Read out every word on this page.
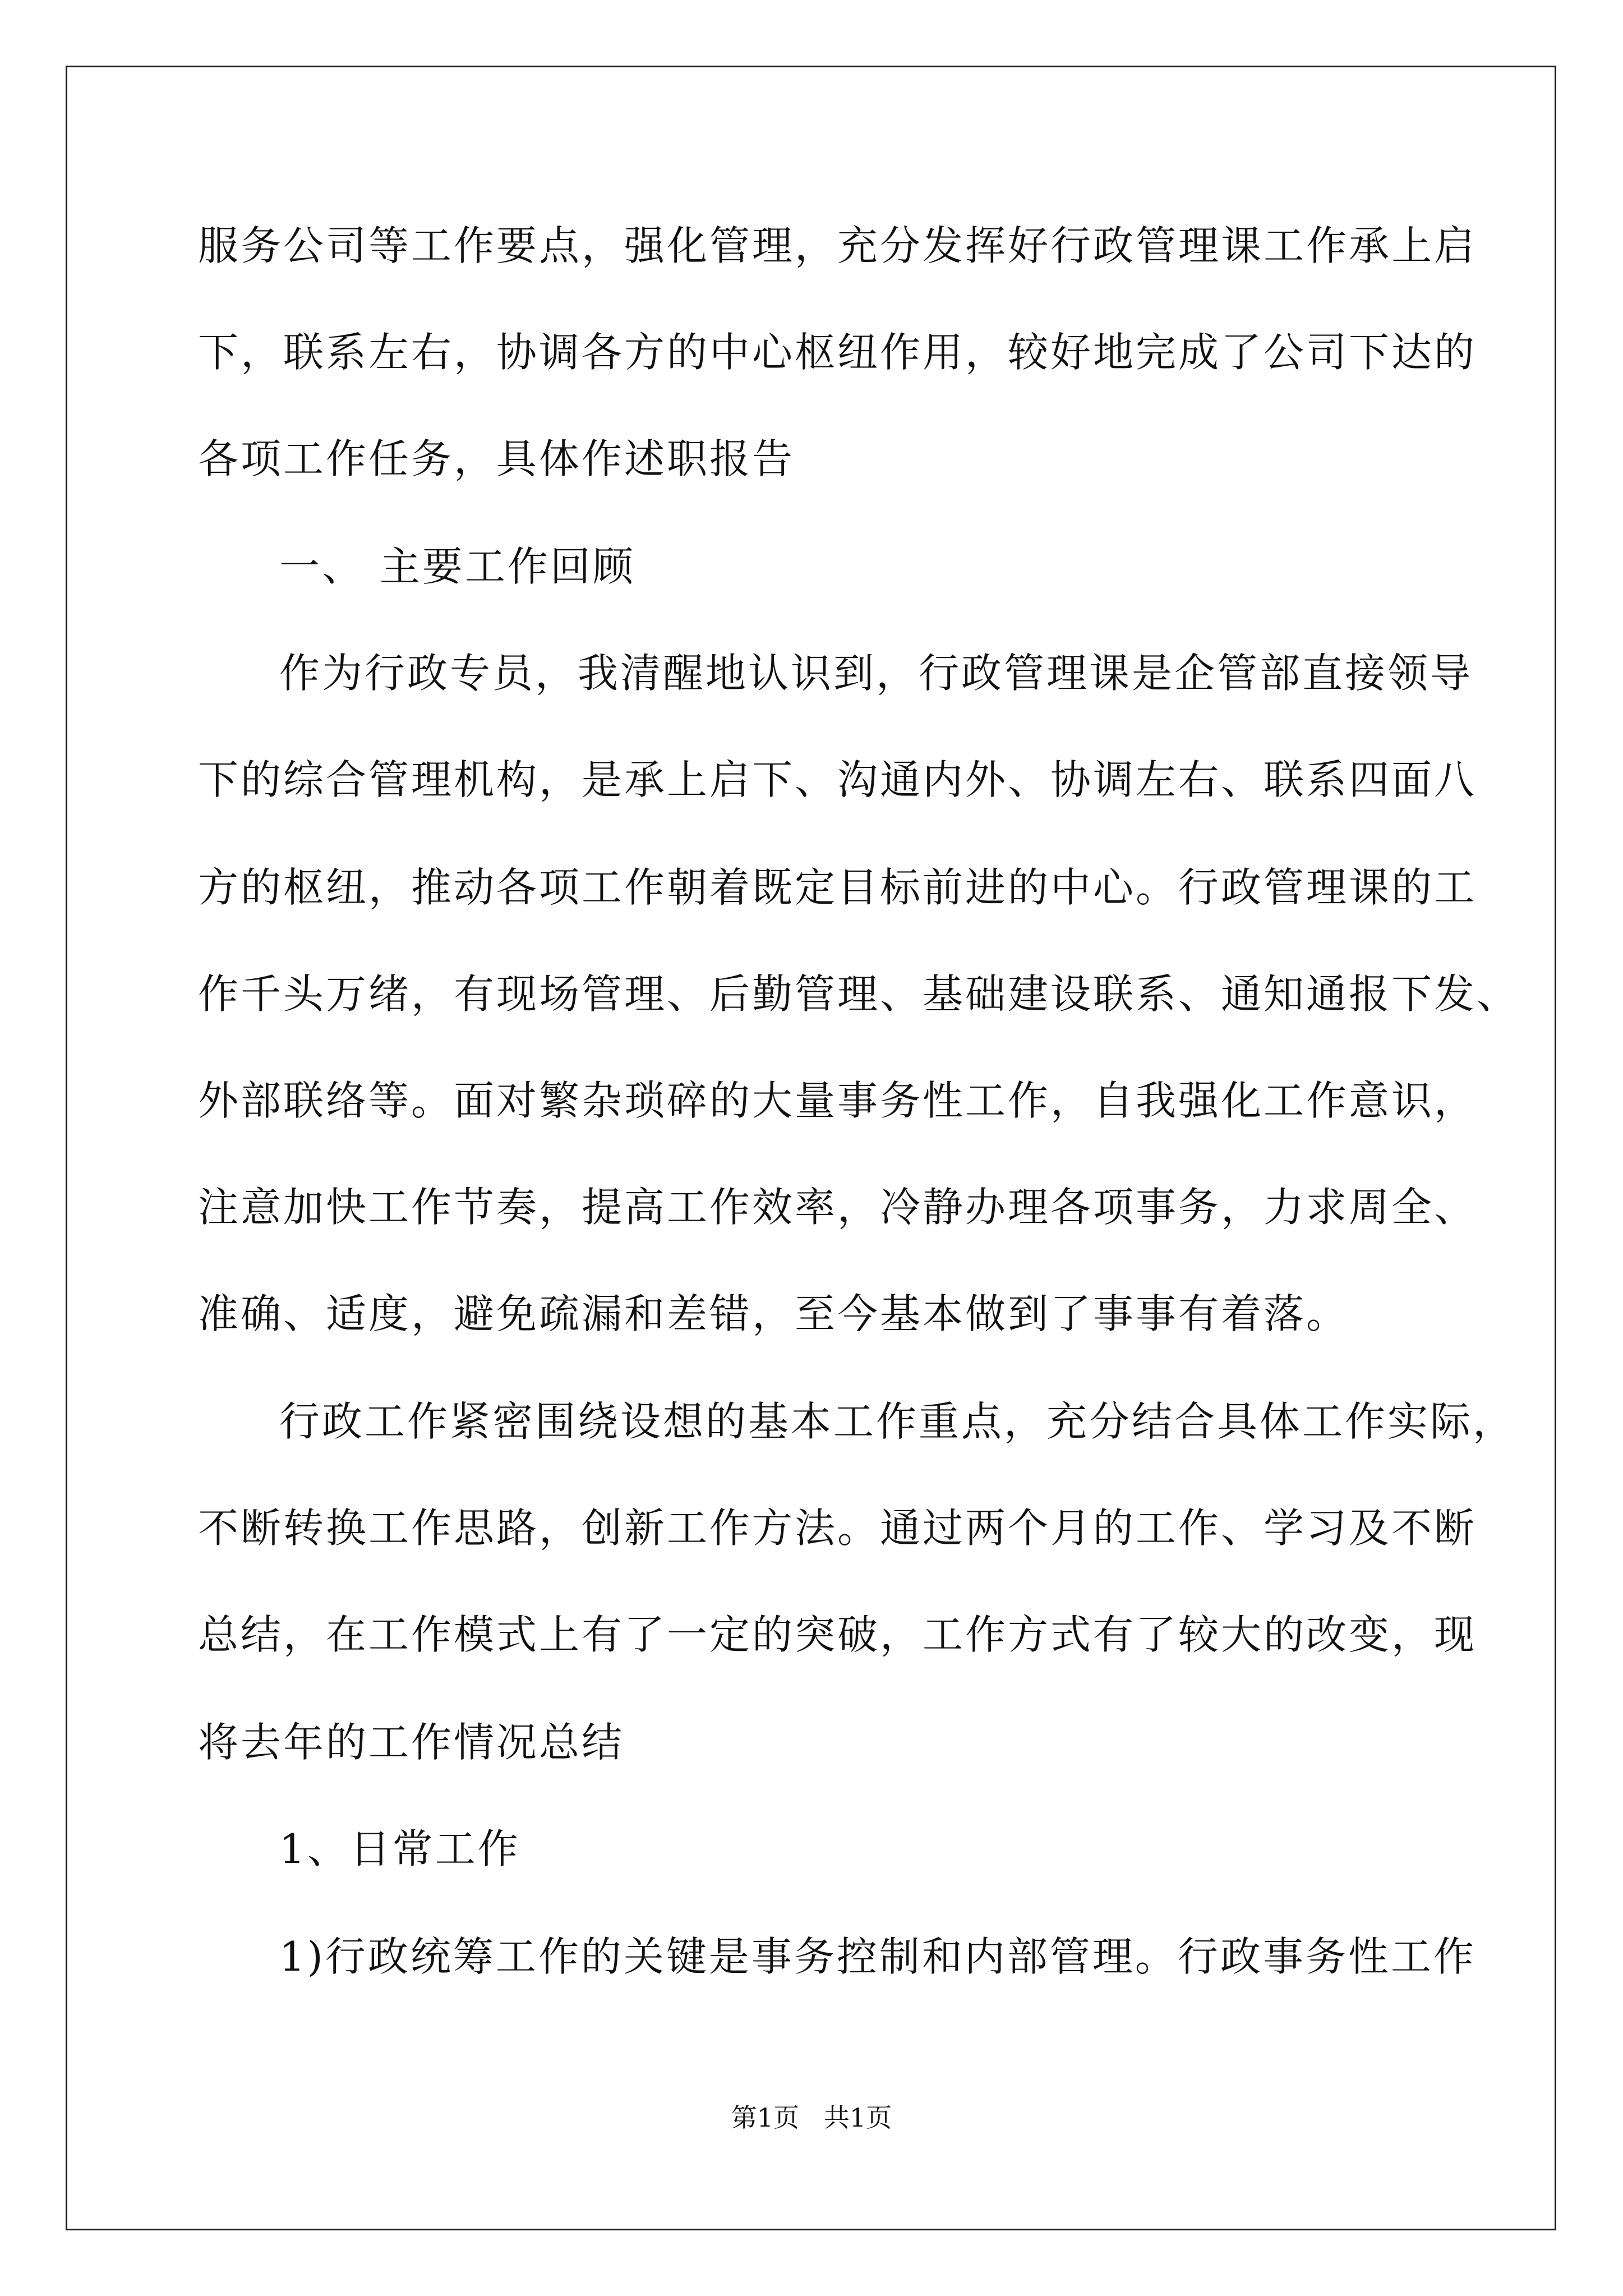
服务公司等工作要点，强化管理，充分发挥好行政管理课工作承上启
下，联系左右，协调各方的中心枢纽作用，较好地完成了公司下达的
各项工作任务，具体作述职报告
一、 主要工作回顾
作为行政专员，我清醒地认识到，行政管理课是企管部直接领导
下的综合管理机构，是承上启下、沟通内外、协调左右、联系四面八
方的枢纽，推动各项工作朝着既定目标前进的中心。行政管理课的工
作千头万绪，有现场管理、后勤管理、基础建设联系、通知通报下发、
外部联络等。面对繁杂琐碎的大量事务性工作，自我强化工作意识，
注意加快工作节奏，提高工作效率，冷静办理各项事务，力求周全、
准确、适度，避免疏漏和差错，至今基本做到了事事有着落。
行政工作紧密围绕设想的基本工作重点，充分结合具体工作实际，
不断转换工作思路，创新工作方法。通过两个月的工作、学习及不断
总结，在工作模式上有了一定的突破，工作方式有了较大的改变，现
将去年的工作情况总结
1、日常工作
1)行政统筹工作的关键是事务控制和内部管理。行政事务性工作
第1页   共1页
